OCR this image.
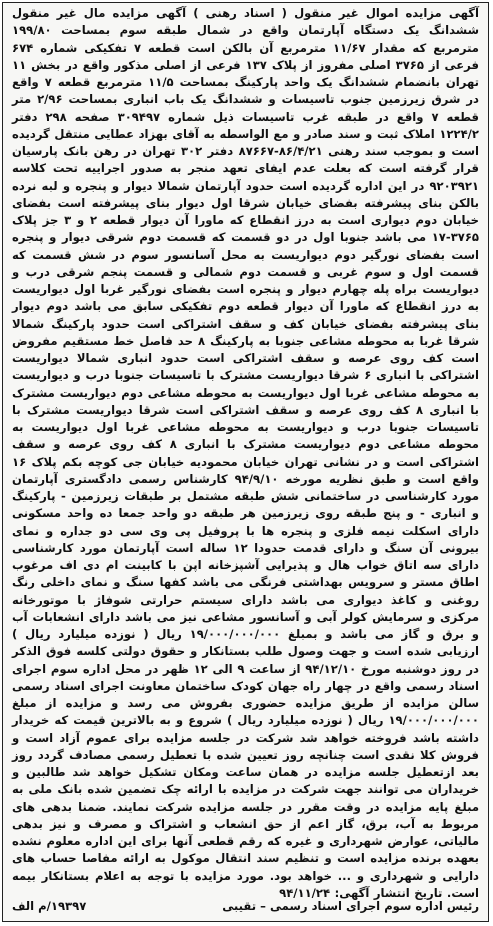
آگهی مزایده اموال غیر منقول ( اسناد رهنی ) آگهی مزایده مال غیر منقول ششدانگ یک دستگاه آپارتمان واقع در شمال طبقه سوم بمساحت ۱۹۹/۸۰ مترمربع که مقدار ۱۱/۶۷ مترمربع آن بالکن است قطعه ۷ تفکیکی شماره ۶۷۴ فرعی از ۳۷۶۵ اصلی مفروز از پلاک ۱۳۷ فرعی از اصلی مذکور واقع در بخش ۱۱ تهران بانضمام ششدانگ یک واحد پارکینگ بمساحت ۱۱/۵ مترمربع قطعه ۷ واقع در شرق زیرزمین جنوب تاسیسات و ششدانگ یک باب انباری بمساحت ۲/۹۶ متر قطعه ۷ واقع در طبقه غرب تاسیسات ذیل شماره ۳۰۹۴۹۷ صفحه ۲۹۸ دفتر ۱۲۲۴/۲ املاک ثبت و سند صادر و مع الواسطه به آقای بهزاد عطایی منتقل گردیده است و بموجب سند رهنی ۸۶/۴/۲۱-۸۷۶۶۷ دفتر ۳۰۲ تهران در رهن بانک پارسیان قرار گرفته است که بعلت عدم ایفای تعهد منجر به صدور اجراییه تحت کلاسه ۹۲۰۳۹۲۱ در این اداره گردیده است حدود آپارتمان شمالا دیوار و پنجره و لبه نرده بالکن بنای پیشرفته بفضای خیابان شرقا اول دیوار بنای پیشرفته است بفضای خیابان دوم دیواری است به درز انقطاع که ماورا آن دیوار قطعه ۲ و ۳ جز پلاک ۳۷۶۵-۱۷ می باشد جنوبا اول در دو قسمت که قسمت دوم شرقی دیوار و پنجره است بفضای نورگیر دوم دیواریست به محل آسانسور سوم در شش قسمت که قسمت اول و سوم غربی و قسمت دوم شمالی و قسمت پنجم شرقی درب و دیواریست براه پله چهارم دیوار و پنجره است بفضای نورگیر غربا اول دیواریست به درز انقطاع که ماورا آن دیوار قطعه دوم تفکیکی سابق می باشد دوم دیوار بنای پیشرفته بفضای خیابان کف و سقف اشتراکی است حدود پارکینگ شمالا شرقا غربا به محوطه مشاعی جنوبا به پارکینگ ۸ حد فاصل خط مستقیم مفروض است کف روی عرصه و سقف اشتراکی است حدود انباری شمالا دیواریست اشتراکی با انباری ۶ شرقا دیواریست مشترک با تاسیسات جنوبا درب و دیواریست به محوطه مشاعی غربا اول دیواریست به محوطه مشاعی دوم دیواریست مشترک با انباری ۸ کف روی عرصه و سقف اشتراکی است شرقا دیواریست مشترک با تاسیسات جنوبا درب و دیواریست به محوطه مشاعی غربا اول دیواریست به محوطه مشاعی دوم دیواریست مشترک با انباری ۸ کف روی عرصه و سقف اشتراکی است و در نشانی تهران خیابان محمودیه خیابان جی کوچه بکم پلاک ۱۶ واقع است و طبق نظریه مورخه ۹۴/۹/۱۰ کارشناس رسمی دادگستری آپارتمان مورد کارشناسی در ساختمانی شش طبقه مشتمل بر طبقات زیرزمین - پارکینگ و انباری - و پنج طبقه روی زیرزمین هر طبقه دو واحد جمعا ده واحد مسکونی دارای اسکلت نیمه فلزی و پنجره ها با پروفیل پی وی سی دو جداره و نمای بیرونی آن سنگ و دارای قدمت حدودا ۱۲ ساله است آپارتمان مورد کارشناسی دارای سه اتاق خواب هال و پذیرایی آشپزخانه اپن با کابینت ام دی اف مرغوب اطاق مستر و سرویس بهداشتی فرنگی می باشد کفها سنگ و نمای داخلی رنگ روغنی و کاغذ دیواری می باشد دارای سیستم حرارتی شوفاژ با موتورخانه مرکزی و سرمایش کولر آبی و آسانسور مشاعی نیز می باشد دارای انشعابات آب و برق و گاز می باشد و بمبلغ ۱۹/۰۰۰/۰۰۰/۰۰۰ ریال ( نوزده میلیارد ریال ) ارزیابی شده است و جهت وصول طلب بستانکار و حقوق دولتی کلسه فوق الذکر در روز دوشنبه مورخ ۹۴/۱۲/۱۰ از ساعت ۹ الی ۱۲ ظهر در محل اداره سوم اجرای اسناد رسمی واقع در چهار راه جهان کودک ساختمان معاونت اجرای اسناد رسمی سالن مزایده از طریق مزایده حضوری بفروش می رسد و مزایده از مبلغ ۱۹/۰۰۰/۰۰۰/۰۰۰ ریال ( نوزده میلیارد ریال ) شروع و به بالاترین قیمت که خریدار داشته باشد فروخته خواهد شد شرکت در جلسه مزایده برای عموم آزاد است و فروش کلا نقدی است چنانچه روز تعیین شده با تعطیل رسمی مصادف گردد روز بعد ازتعطیل جلسه مزایده در همان ساعت ومکان تشکیل خواهد شد طالبین و خریداران می توانند جهت شرکت در مزایده با ارائه چک تضمین شده بانک ملی به مبلغ پایه مزایده در وقت مقرر در جلسه مزایده شرکت نمایند. ضمنا بدهی های مربوط به آب، برق، گاز اعم از حق انشعاب و اشتراک و مصرف و نیز بدهی مالیاتی، عوارض شهرداری و غیره که رقم قطعی آنها برای این اداره معلوم نشده بعهده برنده مزایده است و تنظیم سند انتقال موکول به ارائه مفاصا حساب های دارایی و شهرداری و ... خواهد بود. مورد مزایده با توجه به اعلام بستانکار بیمه است. تاریخ انتشار آگهی: ۹۴/۱۱/۲۴

رئیس اداره سوم اجرای اسناد رسمی – تقیبی
۱۹۳۹۷/م الف
